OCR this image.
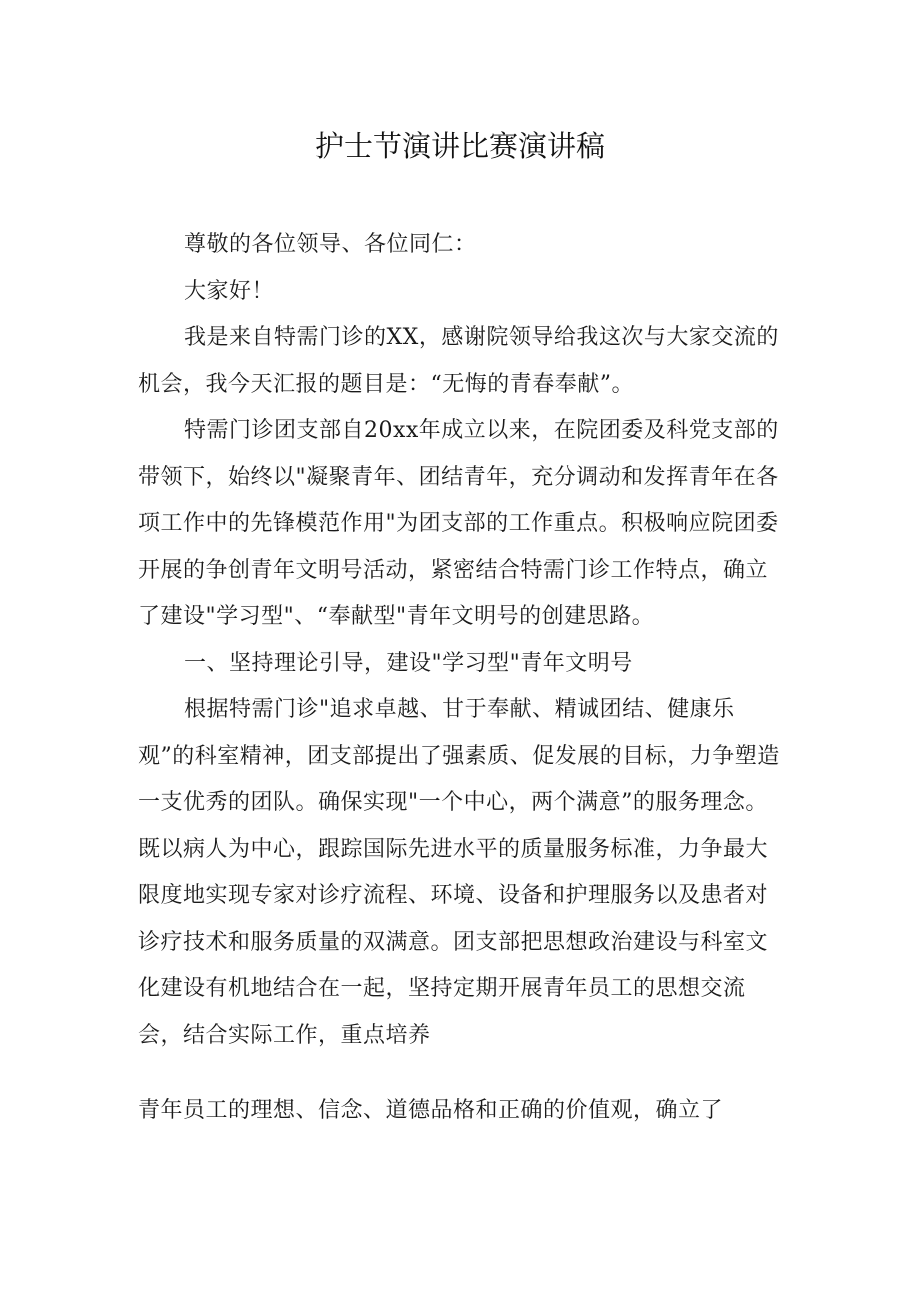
护士节演讲比赛演讲稿

尊敬的各位领导、各位同仁：

大家好！

我是来自特需门诊的XX，感谢院领导给我这次与大家交流的机会，我今天汇报的题目是：“无悔的青春奉献”。

特需门诊团支部自20xx年成立以来，在院团委及科党支部的带领下，始终以"凝聚青年、团结青年，充分调动和发挥青年在各项工作中的先锋模范作用"为团支部的工作重点。积极响应院团委开展的争创青年文明号活动，紧密结合特需门诊工作特点，确立了建设"学习型"、“奉献型"青年文明号的创建思路。

一、坚持理论引导，建设"学习型"青年文明号

根据特需门诊"追求卓越、甘于奉献、精诚团结、健康乐观”的科室精神，团支部提出了强素质、促发展的目标，力争塑造一支优秀的团队。确保实现"一个中心，两个满意”的服务理念。既以病人为中心，跟踪国际先进水平的质量服务标准，力争最大限度地实现专家对诊疗流程、环境、设备和护理服务以及患者对诊疗技术和服务质量的双满意。团支部把思想政治建设与科室文化建设有机地结合在一起，坚持定期开展青年员工的思想交流会，结合实际工作，重点培养

青年员工的理想、信念、道德品格和正确的价值观，确立了
